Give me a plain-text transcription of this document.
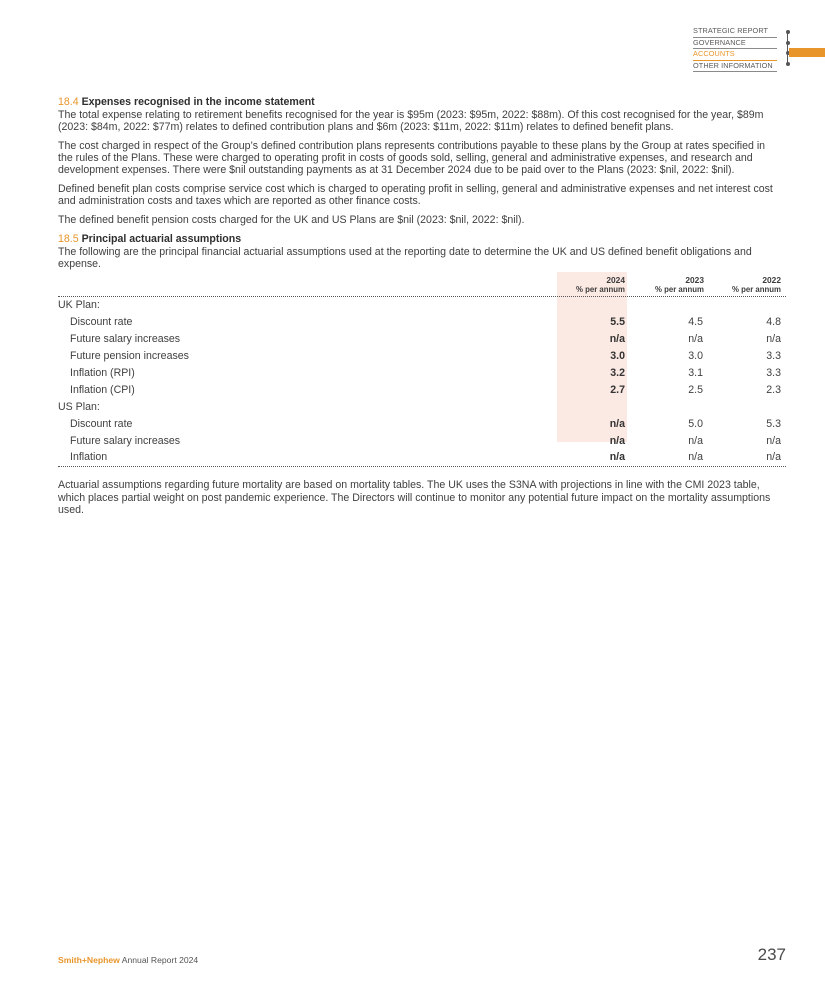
STRATEGIC REPORT
GOVERNANCE
ACCOUNTS
OTHER INFORMATION

18.4 Expenses recognised in the income statement

The total expense relating to retirement benefits recognised for the year is $95m (2023: $95m, 2022: $88m). Of this cost recognised for the year, $89m (2023: $84m, 2022: $77m) relates to defined contribution plans and $6m (2023: $11m, 2022: $11m) relates to defined benefit plans.

The cost charged in respect of the Group’s defined contribution plans represents contributions payable to these plans by the Group at rates specified in the rules of the Plans. These were charged to operating profit in costs of goods sold, selling, general and administrative expenses, and research and development expenses. There were $nil outstanding payments as at 31 December 2024 due to be paid over to the Plans (2023: $nil, 2022: $nil).

Defined benefit plan costs comprise service cost which is charged to operating profit in selling, general and administrative expenses and net interest cost and administration costs and taxes which are reported as other finance costs.

The defined benefit pension costs charged for the UK and US Plans are $nil (2023: $nil, 2022: $nil).

18.5 Principal actuarial assumptions

The following are the principal financial actuarial assumptions used at the reporting date to determine the UK and US defined benefit obligations and expense.

2024
% per annum
2023
% per annum
2022
% per annum
UK Plan:
Discount rate	5.5	4.5	4.8
Future salary increases	n/a	n/a	n/a
Future pension increases	3.0	3.0	3.3
Inflation (RPI)	3.2	3.1	3.3
Inflation (CPI)	2.7	2.5	2.3
US Plan:
Discount rate	n/a	5.0	5.3
Future salary increases	n/a	n/a	n/a
Inflation	n/a	n/a	n/a

Actuarial assumptions regarding future mortality are based on mortality tables. The UK uses the S3NA with projections in line with the CMI 2023 table, which places partial weight on post pandemic experience. The Directors will continue to monitor any potential future impact on the mortality assumptions used.

Smith+Nephew Annual Report 2024	237
